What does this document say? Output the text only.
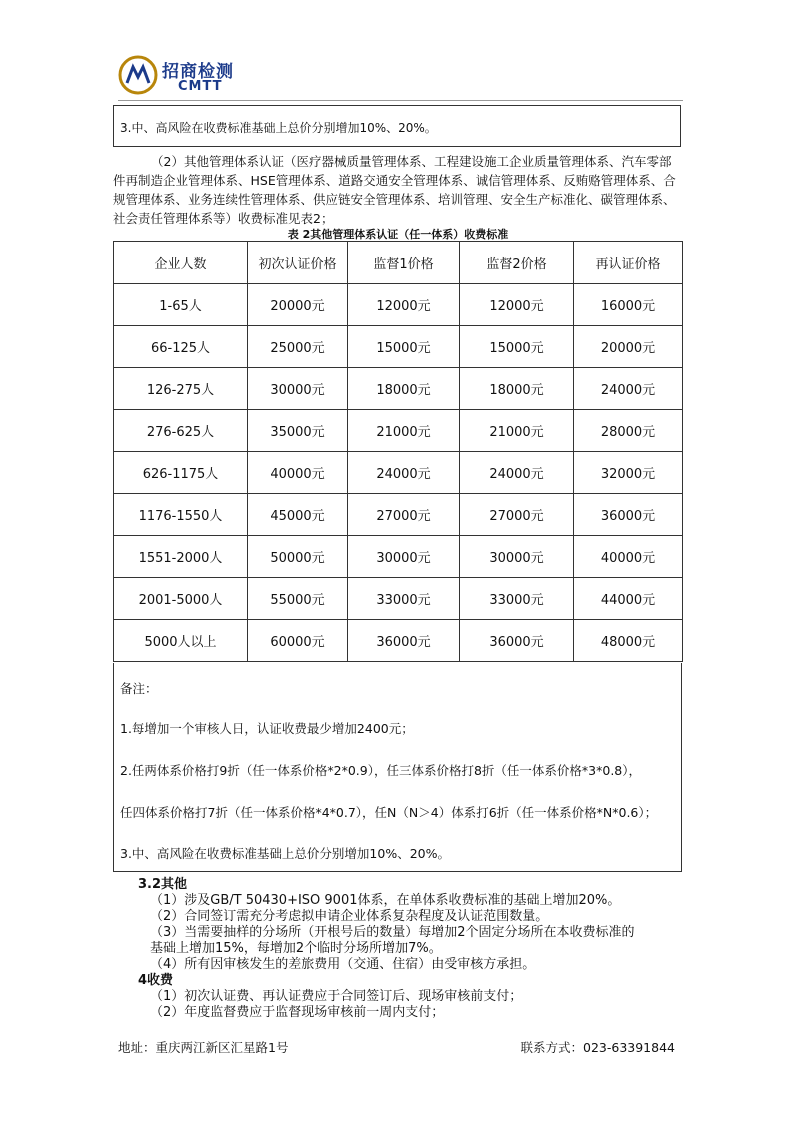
招商检测
CMTT
3.中、高风险在收费标准基础上总价分别增加10%、20%。
（2）其他管理体系认证（医疗器械质量管理体系、工程建设施工企业质量管理体系、汽车零部件再制造企业管理体系、HSE管理体系、道路交通安全管理体系、诚信管理体系、反贿赂管理体系、合规管理体系、业务连续性管理体系、供应链安全管理体系、培训管理、安全生产标准化、碳管理体系、社会责任管理体系等）收费标准见表2；
表 2其他管理体系认证（任一体系）收费标准
企业人数	初次认证价格	监督1价格	监督2价格	再认证价格
1-65人	20000元	12000元	12000元	16000元
66-125人	25000元	15000元	15000元	20000元
126-275人	30000元	18000元	18000元	24000元
276-625人	35000元	21000元	21000元	28000元
626-1175人	40000元	24000元	24000元	32000元
1176-1550人	45000元	27000元	27000元	36000元
1551-2000人	50000元	30000元	30000元	40000元
2001-5000人	55000元	33000元	33000元	44000元
5000人以上	60000元	36000元	36000元	48000元
备注：
1.每增加一个审核人日，认证收费最少增加2400元；
2.任两体系价格打9折（任一体系价格*2*0.9），任三体系价格打8折（任一体系价格*3*0.8），
任四体系价格打7折（任一体系价格*4*0.7），任N（N＞4）体系打6折（任一体系价格*N*0.6）；
3.中、高风险在收费标准基础上总价分别增加10%、20%。
3.2其他
（1）涉及GB/T 50430+ISO 9001体系，在单体系收费标准的基础上增加20%。
（2）合同签订需充分考虑拟申请企业体系复杂程度及认证范围数量。
（3）当需要抽样的分场所（开根号后的数量）每增加2个固定分场所在本收费标准的
基础上增加15%，每增加2个临时分场所增加7%。
（4）所有因审核发生的差旅费用（交通、住宿）由受审核方承担。
4收费
（1）初次认证费、再认证费应于合同签订后、现场审核前支付；
（2）年度监督费应于监督现场审核前一周内支付；
地址：重庆两江新区汇星路1号	联系方式：023-63391844
